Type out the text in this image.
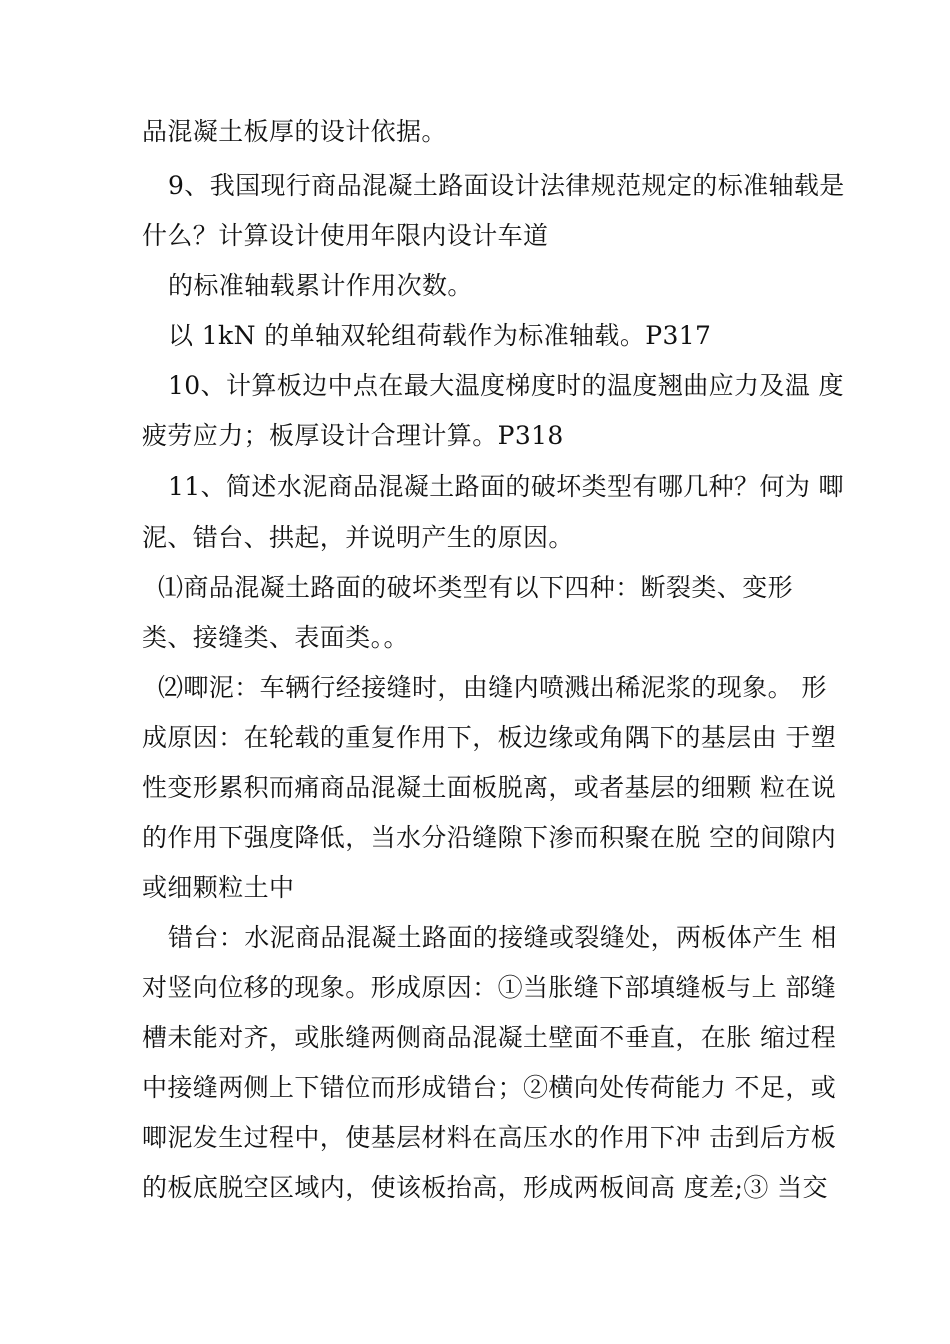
品混凝土板厚的设计依据。
9、我国现行商品混凝土路面设计法律规范规定的标准轴载是
什么？计算设计使用年限内设计车道
的标准轴载累计作用次数。
以 1kN 的单轴双轮组荷载作为标准轴载。P317
10、计算板边中点在最大温度梯度时的温度翘曲应力及温 度
疲劳应力；板厚设计合理计算。P318
11、简述水泥商品混凝土路面的破坏类型有哪几种？何为 唧
泥、错台、拱起，并说明产生的原因。
⑴商品混凝土路面的破坏类型有以下四种：断裂类、变形
类、接缝类、表面类。。
⑵唧泥：车辆行经接缝时，由缝内喷溅出稀泥浆的现象。 形
成原因：在轮载的重复作用下，板边缘或角隅下的基层由 于塑
性变形累积而痛商品混凝土面板脱离，或者基层的细颗 粒在说
的作用下强度降低，当水分沿缝隙下渗而积聚在脱 空的间隙内
或细颗粒土中
错台：水泥商品混凝土路面的接缝或裂缝处，两板体产生 相
对竖向位移的现象。形成原因：①当胀缝下部填缝板与上 部缝
槽未能对齐，或胀缝两侧商品混凝土壁面不垂直，在胀 缩过程
中接缝两侧上下错位而形成错台；②横向处传荷能力 不足，或
唧泥发生过程中，使基层材料在高压水的作用下冲 击到后方板
的板底脱空区域内，使该板抬高，形成两板间高 度差;③ 当交
